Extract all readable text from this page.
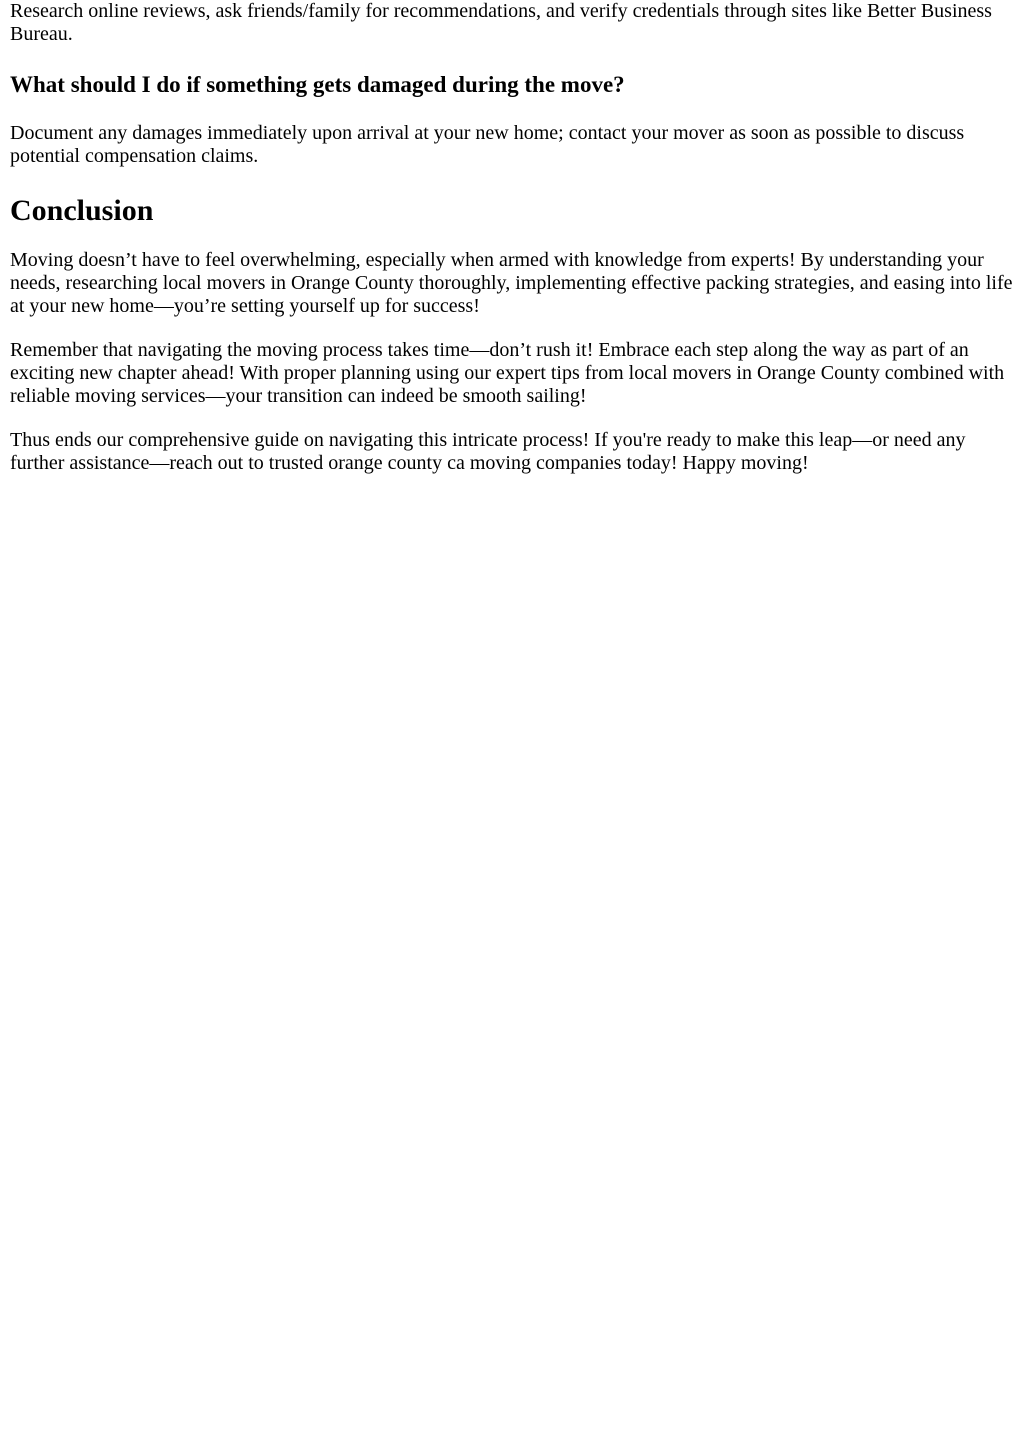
Research online reviews, ask friends/family for recommendations, and verify credentials through sites like Better Business Bureau.

What should I do if something gets damaged during the move?

Document any damages immediately upon arrival at your new home; contact your mover as soon as possible to discuss potential compensation claims.

Conclusion

Moving doesn’t have to feel overwhelming, especially when armed with knowledge from experts! By understanding your needs, researching local movers in Orange County thoroughly, implementing effective packing strategies, and easing into life at your new home—you’re setting yourself up for success!

Remember that navigating the moving process takes time—don’t rush it! Embrace each step along the way as part of an exciting new chapter ahead! With proper planning using our expert tips from local movers in Orange County combined with reliable moving services—your transition can indeed be smooth sailing!

Thus ends our comprehensive guide on navigating this intricate process! If you're ready to make this leap—or need any further assistance—reach out to trusted orange county ca moving companies today! Happy moving!
